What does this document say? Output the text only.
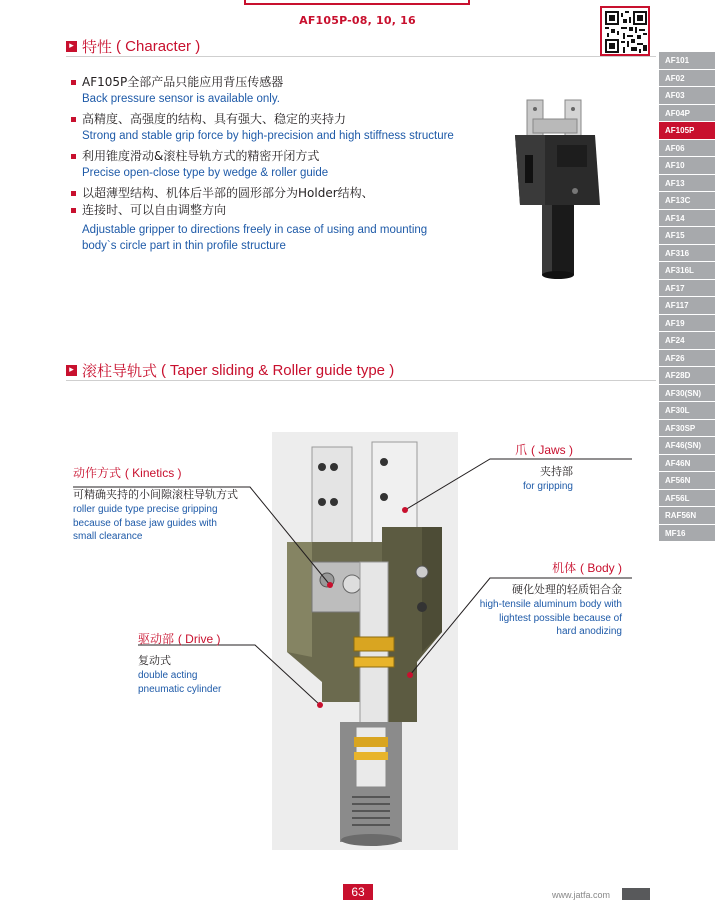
AF105P-08, 10, 16
▸ 特性 ( Character )
AF105P全部产品只能应用背压传感器
Back pressure sensor is available only.
高精度、高强度的结构、具有强大、稳定的夹持力
Strong and stable grip force by high-precision and high stiffness structure
利用锥度滑动&滚柱导轨方式的精密开闭方式
Precise open-close type by wedge & roller guide
以超薄型结构、机体后半部的圆形部分为Holder结构、
连接时、可以自由调整方向
Adjustable gripper to directions freely in case of using and mounting
body`s circle part in thin profile structure
▸ 滚柱导轨式 ( Taper sliding & Roller guide type )
动作方式 ( Kinetics )
可精确夹持的小间隙滚柱导轨方式
roller guide type precise gripping
because of base jaw guides with
small clearance
爪 ( Jaws )
夹持部
for gripping
机体 ( Body )
硬化处理的轻质铝合金
high-tensile aluminum body with
lightest possible because of
hard anodizing
驱动部 ( Drive )
复动式
double acting
pneumatic cylinder
AF101
AF02
AF03
AF04P
AF105P
AF06
AF10
AF13
AF13C
AF14
AF15
AF316
AF316L
AF17
AF117
AF19
AF24
AF26
AF28D
AF30(SN)
AF30L
AF30SP
AF46(SN)
AF46N
AF56N
AF56L
RAF56N
MF16
63	www.jatfa.com
